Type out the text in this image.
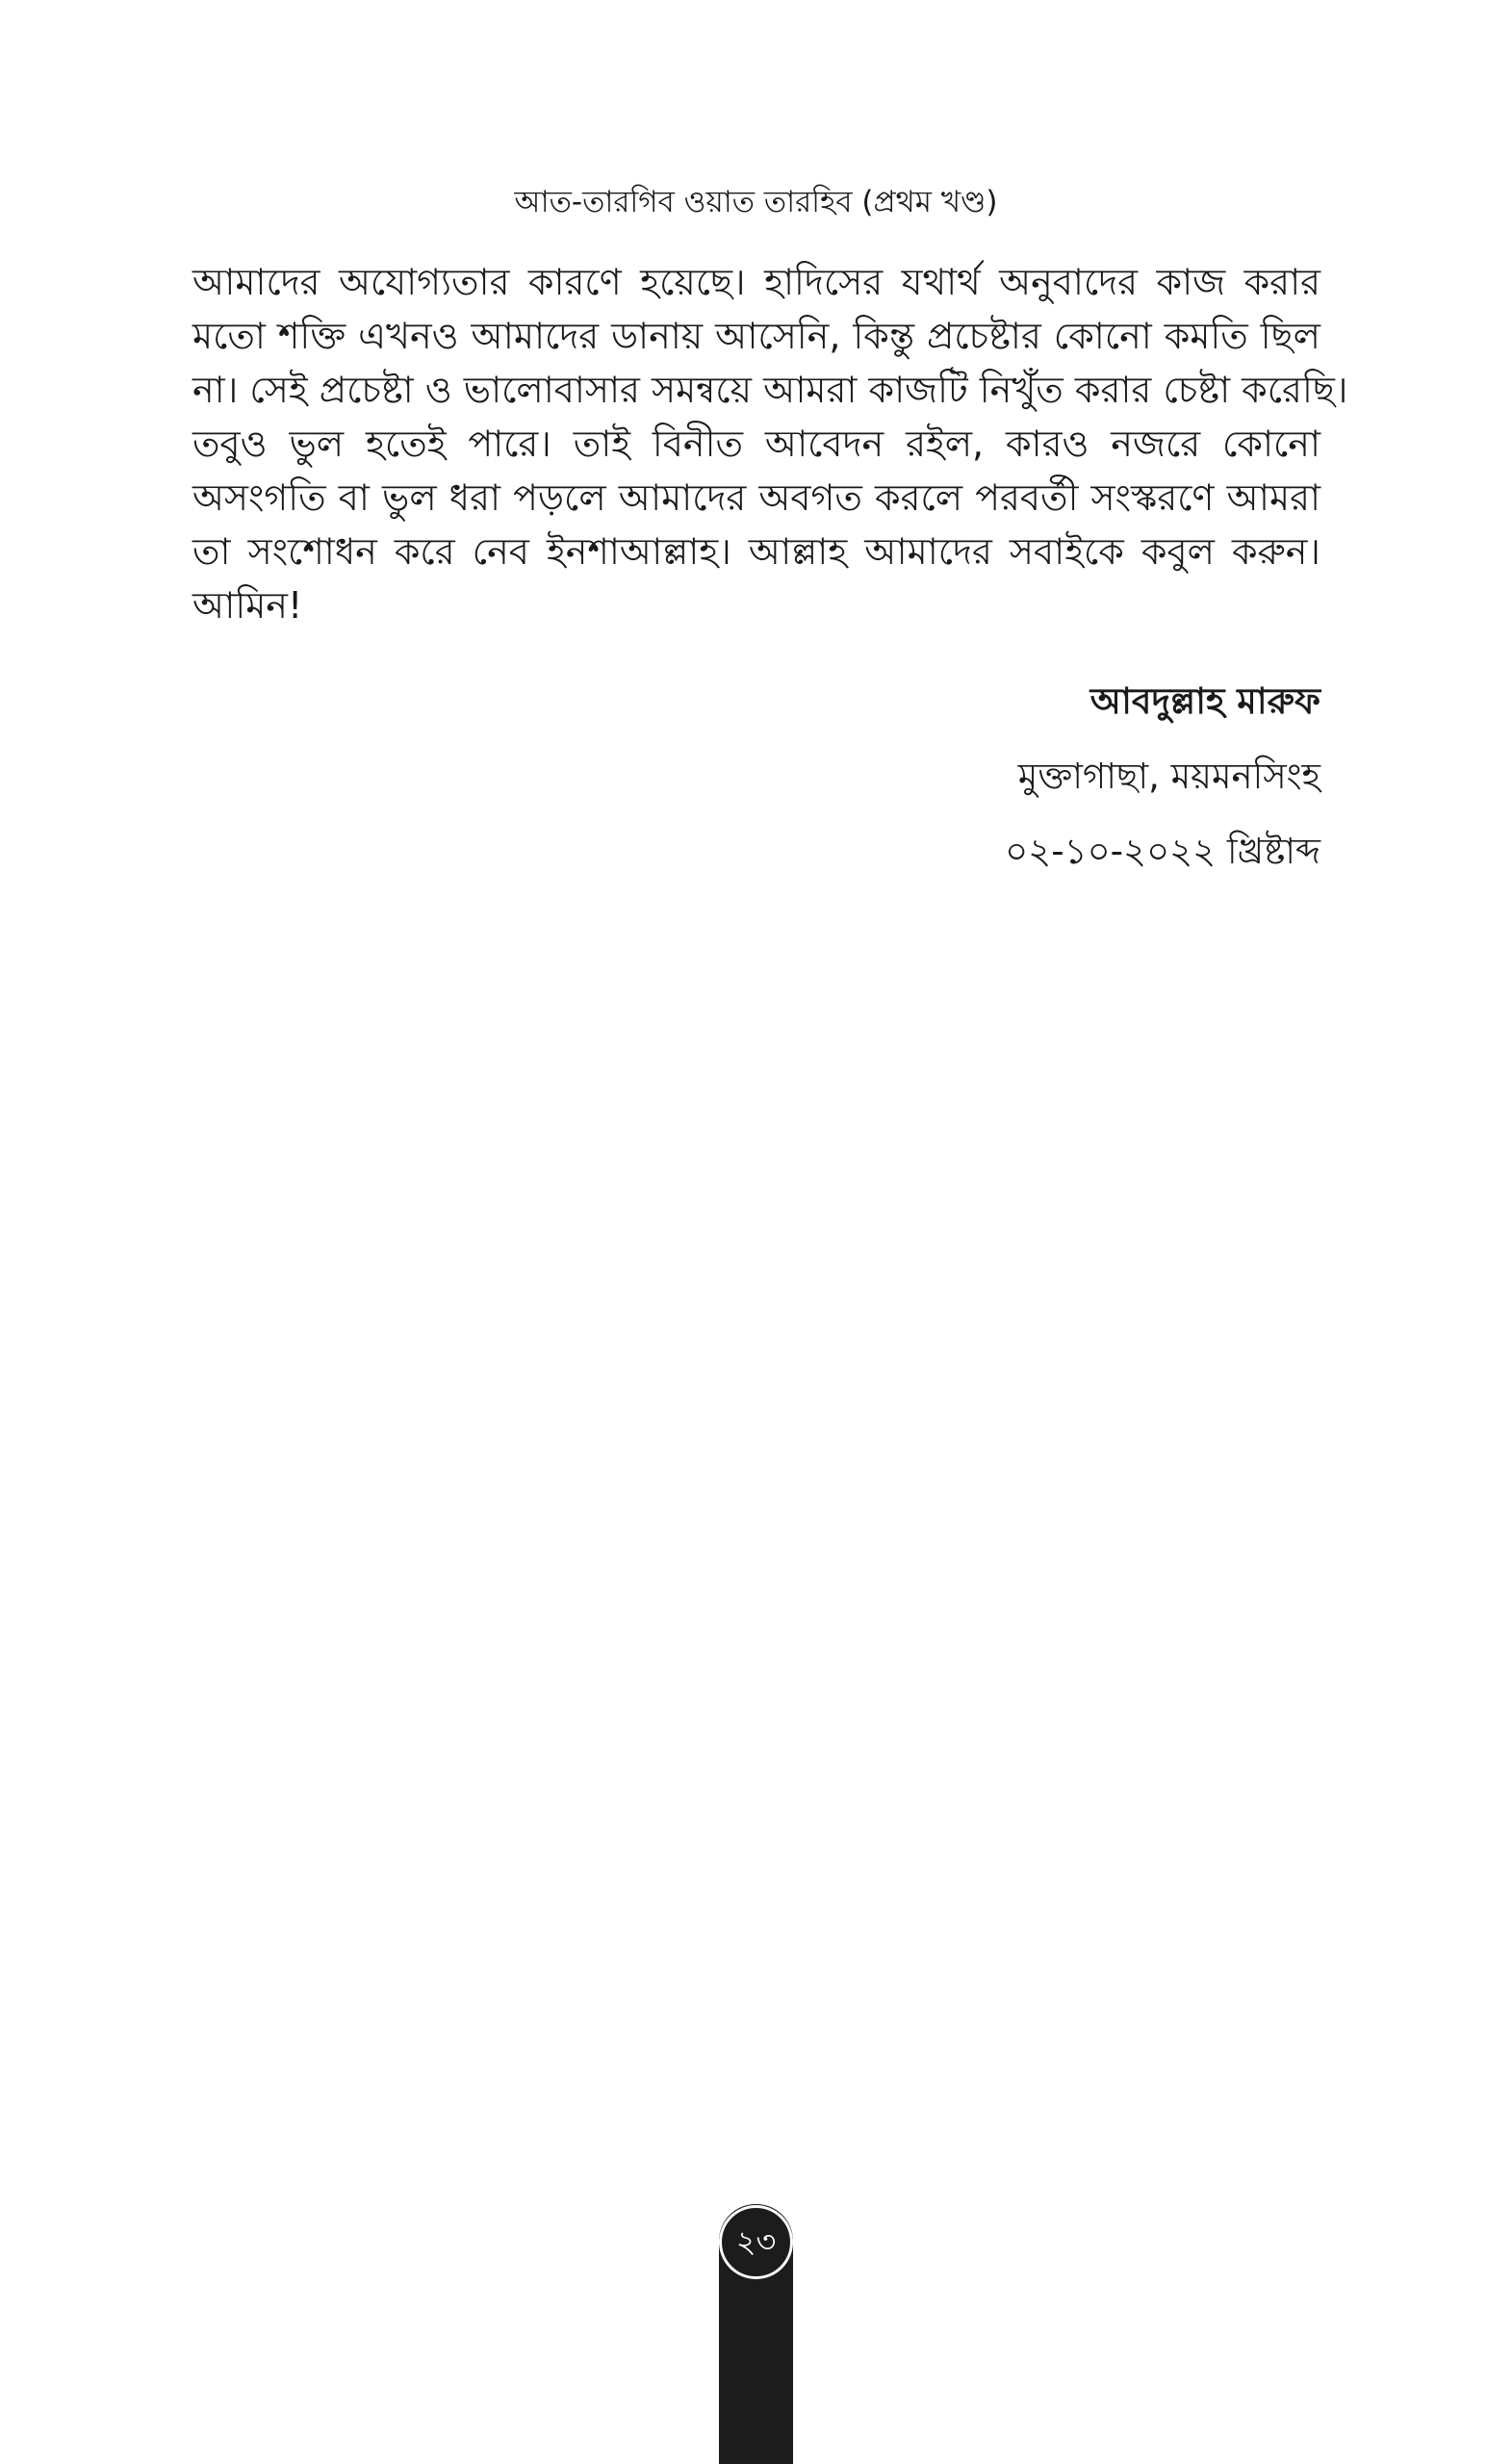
আত-তারগিব ওয়াত তারহিব (প্রথম খণ্ড)
আমাদের অযোগ্যতার কারণে হয়েছে। হাদিসের যথার্থ অনুবাদের কাজ করার
মতো শক্তি এখনও আমাদের ডানায় আসেনি, কিন্তু প্রচেষ্টার কোনো কমতি ছিল
না। সেই প্রচেষ্টা ও ভালোবাসার সমন্বয়ে আমরা কাজটি নিখুঁত করার চেষ্টা করেছি।
তবুও ভুল হতেই পারে। তাই বিনীত আবেদন রইল, কারও নজরে কোনো
অসংগতি বা ভুল ধরা পড়লে আমাদের অবগত করলে পরবর্তী সংস্করণে আমরা
তা সংশোধন করে নেব ইনশাআল্লাহ। আল্লাহ আমাদের সবাইকে কবুল করুন।
আমিন!
আবদুল্লাহ মারুফ
মুক্তাগাছা, ময়মনসিংহ
০২-১০-২০২২ খ্রিষ্টাব্দ
২৩
